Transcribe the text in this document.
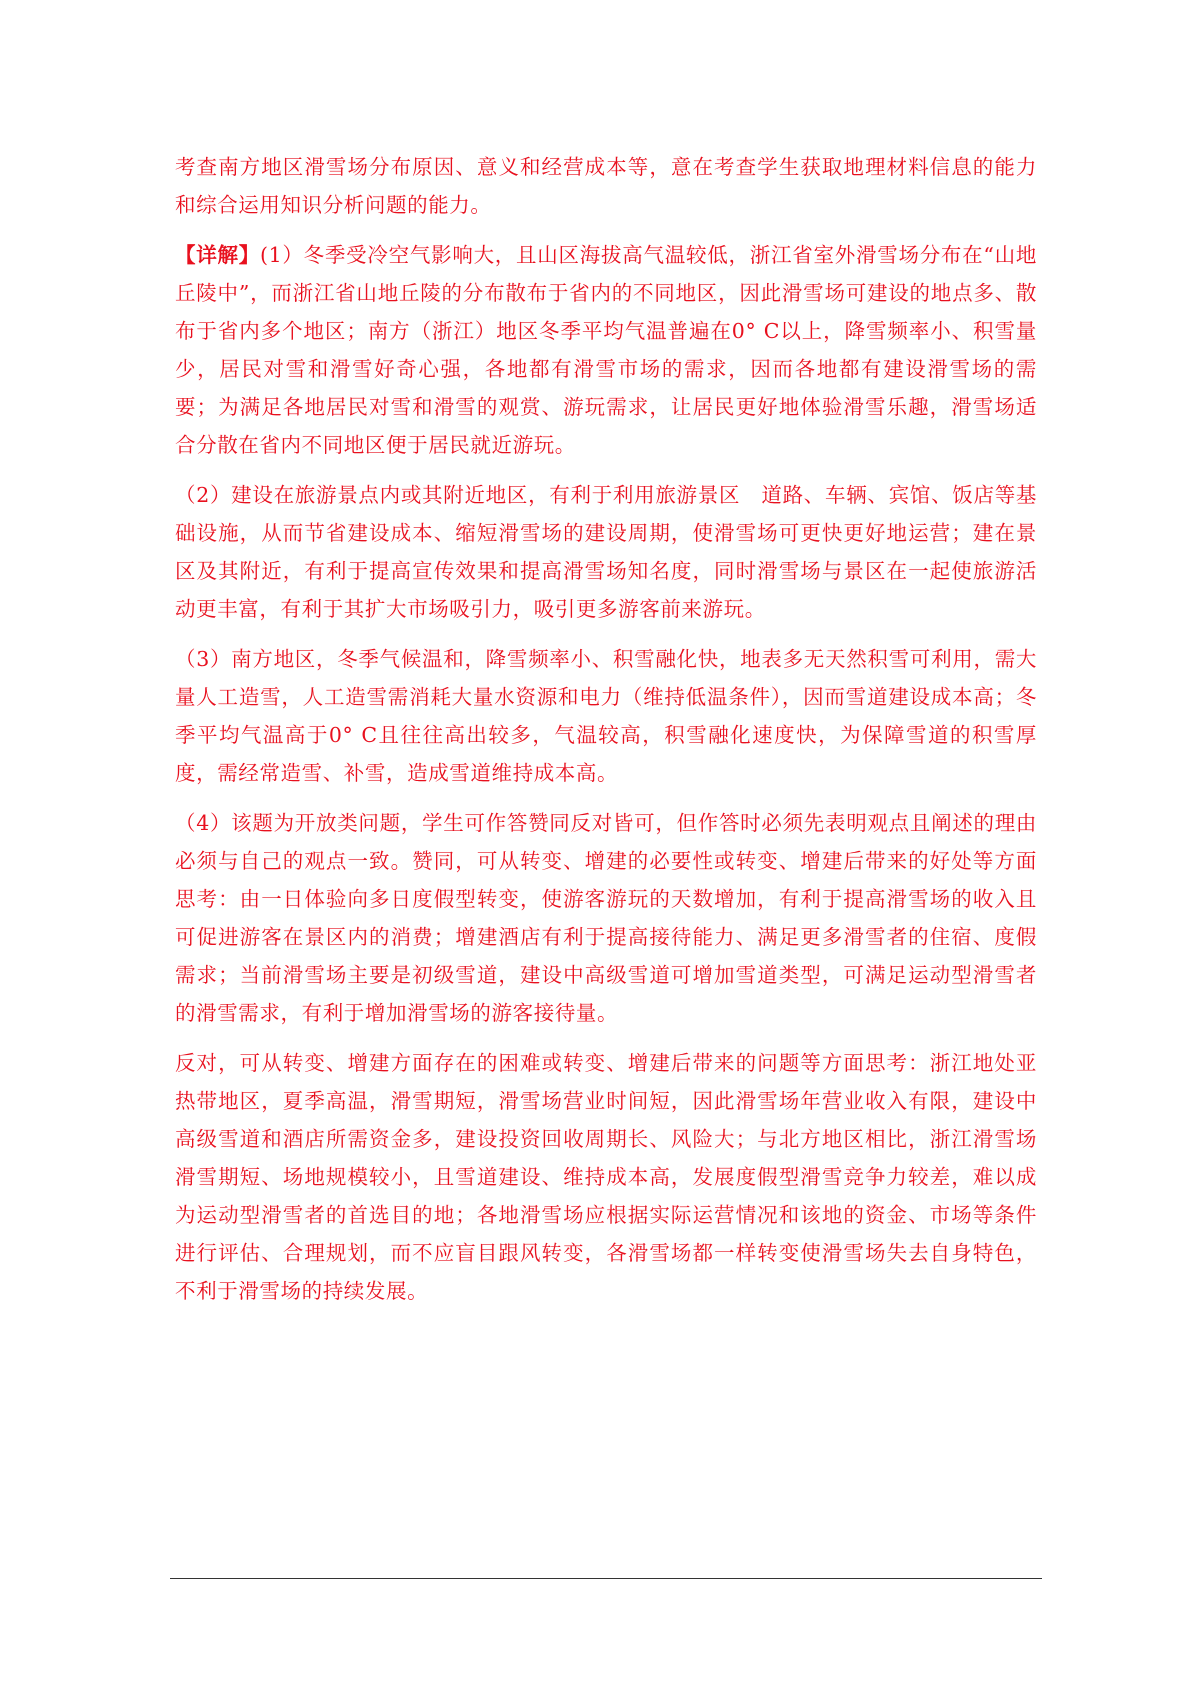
考查南方地区滑雪场分布原因、意义和经营成本等，意在考查学生获取地理材料信息的能力和综合运用知识分析问题的能力。

【详解】(1）冬季受冷空气影响大，且山区海拔高气温较低，浙江省室外滑雪场分布在“山地丘陵中”，而浙江省山地丘陵的分布散布于省内的不同地区，因此滑雪场可建设的地点多、散布于省内多个地区；南方（浙江）地区冬季平均气温普遍在0° C以上，降雪频率小、积雪量少，居民对雪和滑雪好奇心强，各地都有滑雪市场的需求，因而各地都有建设滑雪场的需要；为满足各地居民对雪和滑雪的观赏、游玩需求，让居民更好地体验滑雪乐趣，滑雪场适合分散在省内不同地区便于居民就近游玩。

（2）建设在旅游景点内或其附近地区，有利于利用旅游景区　道路、车辆、宾馆、饭店等基础设施，从而节省建设成本、缩短滑雪场的建设周期，使滑雪场可更快更好地运营；建在景区及其附近，有利于提高宣传效果和提高滑雪场知名度，同时滑雪场与景区在一起使旅游活动更丰富，有利于其扩大市场吸引力，吸引更多游客前来游玩。

（3）南方地区，冬季气候温和，降雪频率小、积雪融化快，地表多无天然积雪可利用，需大量人工造雪，人工造雪需消耗大量水资源和电力（维持低温条件），因而雪道建设成本高；冬季平均气温高于0° C且往往高出较多，气温较高，积雪融化速度快，为保障雪道的积雪厚度，需经常造雪、补雪，造成雪道维持成本高。

（4）该题为开放类问题，学生可作答赞同反对皆可，但作答时必须先表明观点且阐述的理由必须与自己的观点一致。赞同，可从转变、增建的必要性或转变、增建后带来的好处等方面思考：由一日体验向多日度假型转变，使游客游玩的天数增加，有利于提高滑雪场的收入且可促进游客在景区内的消费；增建酒店有利于提高接待能力、满足更多滑雪者的住宿、度假需求；当前滑雪场主要是初级雪道，建设中高级雪道可增加雪道类型，可满足运动型滑雪者的滑雪需求，有利于增加滑雪场的游客接待量。

反对，可从转变、增建方面存在的困难或转变、增建后带来的问题等方面思考：浙江地处亚热带地区，夏季高温，滑雪期短，滑雪场营业时间短，因此滑雪场年营业收入有限，建设中高级雪道和酒店所需资金多，建设投资回收周期长、风险大；与北方地区相比，浙江滑雪场滑雪期短、场地规模较小，且雪道建设、维持成本高，发展度假型滑雪竞争力较差，难以成为运动型滑雪者的首选目的地；各地滑雪场应根据实际运营情况和该地的资金、市场等条件进行评估、合理规划，而不应盲目跟风转变，各滑雪场都一样转变使滑雪场失去自身特色，不利于滑雪场的持续发展。
